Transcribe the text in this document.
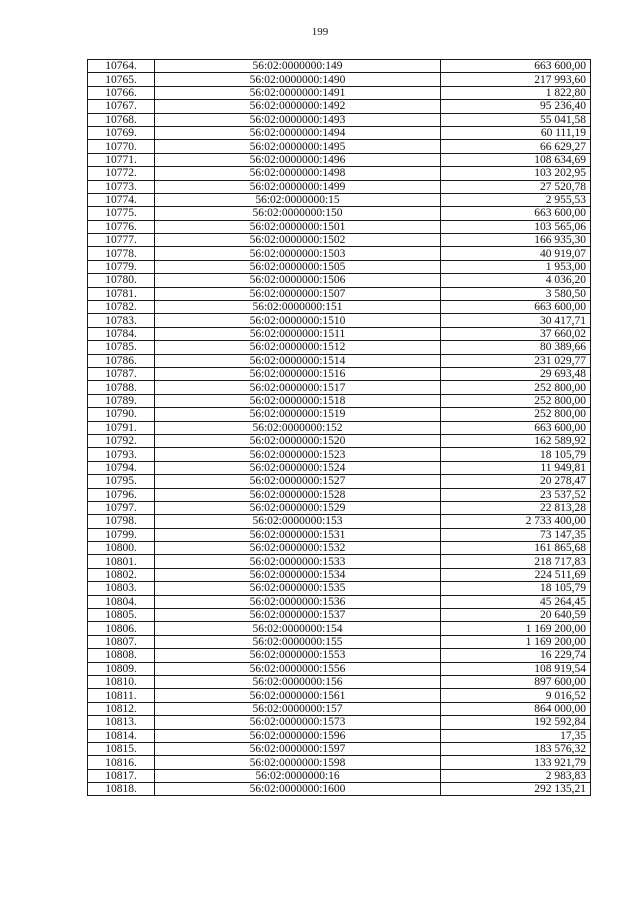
199
10764.	56:02:0000000:149	663 600,00
10765.	56:02:0000000:1490	217 993,60
10766.	56:02:0000000:1491	1 822,80
10767.	56:02:0000000:1492	95 236,40
10768.	56:02:0000000:1493	55 041,58
10769.	56:02:0000000:1494	60 111,19
10770.	56:02:0000000:1495	66 629,27
10771.	56:02:0000000:1496	108 634,69
10772.	56:02:0000000:1498	103 202,95
10773.	56:02:0000000:1499	27 520,78
10774.	56:02:0000000:15	2 955,53
10775.	56:02:0000000:150	663 600,00
10776.	56:02:0000000:1501	103 565,06
10777.	56:02:0000000:1502	166 935,30
10778.	56:02:0000000:1503	40 919,07
10779.	56:02:0000000:1505	1 953,00
10780.	56:02:0000000:1506	4 036,20
10781.	56:02:0000000:1507	3 580,50
10782.	56:02:0000000:151	663 600,00
10783.	56:02:0000000:1510	30 417,71
10784.	56:02:0000000:1511	37 660,02
10785.	56:02:0000000:1512	80 389,66
10786.	56:02:0000000:1514	231 029,77
10787.	56:02:0000000:1516	29 693,48
10788.	56:02:0000000:1517	252 800,00
10789.	56:02:0000000:1518	252 800,00
10790.	56:02:0000000:1519	252 800,00
10791.	56:02:0000000:152	663 600,00
10792.	56:02:0000000:1520	162 589,92
10793.	56:02:0000000:1523	18 105,79
10794.	56:02:0000000:1524	11 949,81
10795.	56:02:0000000:1527	20 278,47
10796.	56:02:0000000:1528	23 537,52
10797.	56:02:0000000:1529	22 813,28
10798.	56:02:0000000:153	2 733 400,00
10799.	56:02:0000000:1531	73 147,35
10800.	56:02:0000000:1532	161 865,68
10801.	56:02:0000000:1533	218 717,83
10802.	56:02:0000000:1534	224 511,69
10803.	56:02:0000000:1535	18 105,79
10804.	56:02:0000000:1536	45 264,45
10805.	56:02:0000000:1537	20 640,59
10806.	56:02:0000000:154	1 169 200,00
10807.	56:02:0000000:155	1 169 200,00
10808.	56:02:0000000:1553	16 229,74
10809.	56:02:0000000:1556	108 919,54
10810.	56:02:0000000:156	897 600,00
10811.	56:02:0000000:1561	9 016,52
10812.	56:02:0000000:157	864 000,00
10813.	56:02:0000000:1573	192 592,84
10814.	56:02:0000000:1596	17,35
10815.	56:02:0000000:1597	183 576,32
10816.	56:02:0000000:1598	133 921,79
10817.	56:02:0000000:16	2 983,83
10818.	56:02:0000000:1600	292 135,21
